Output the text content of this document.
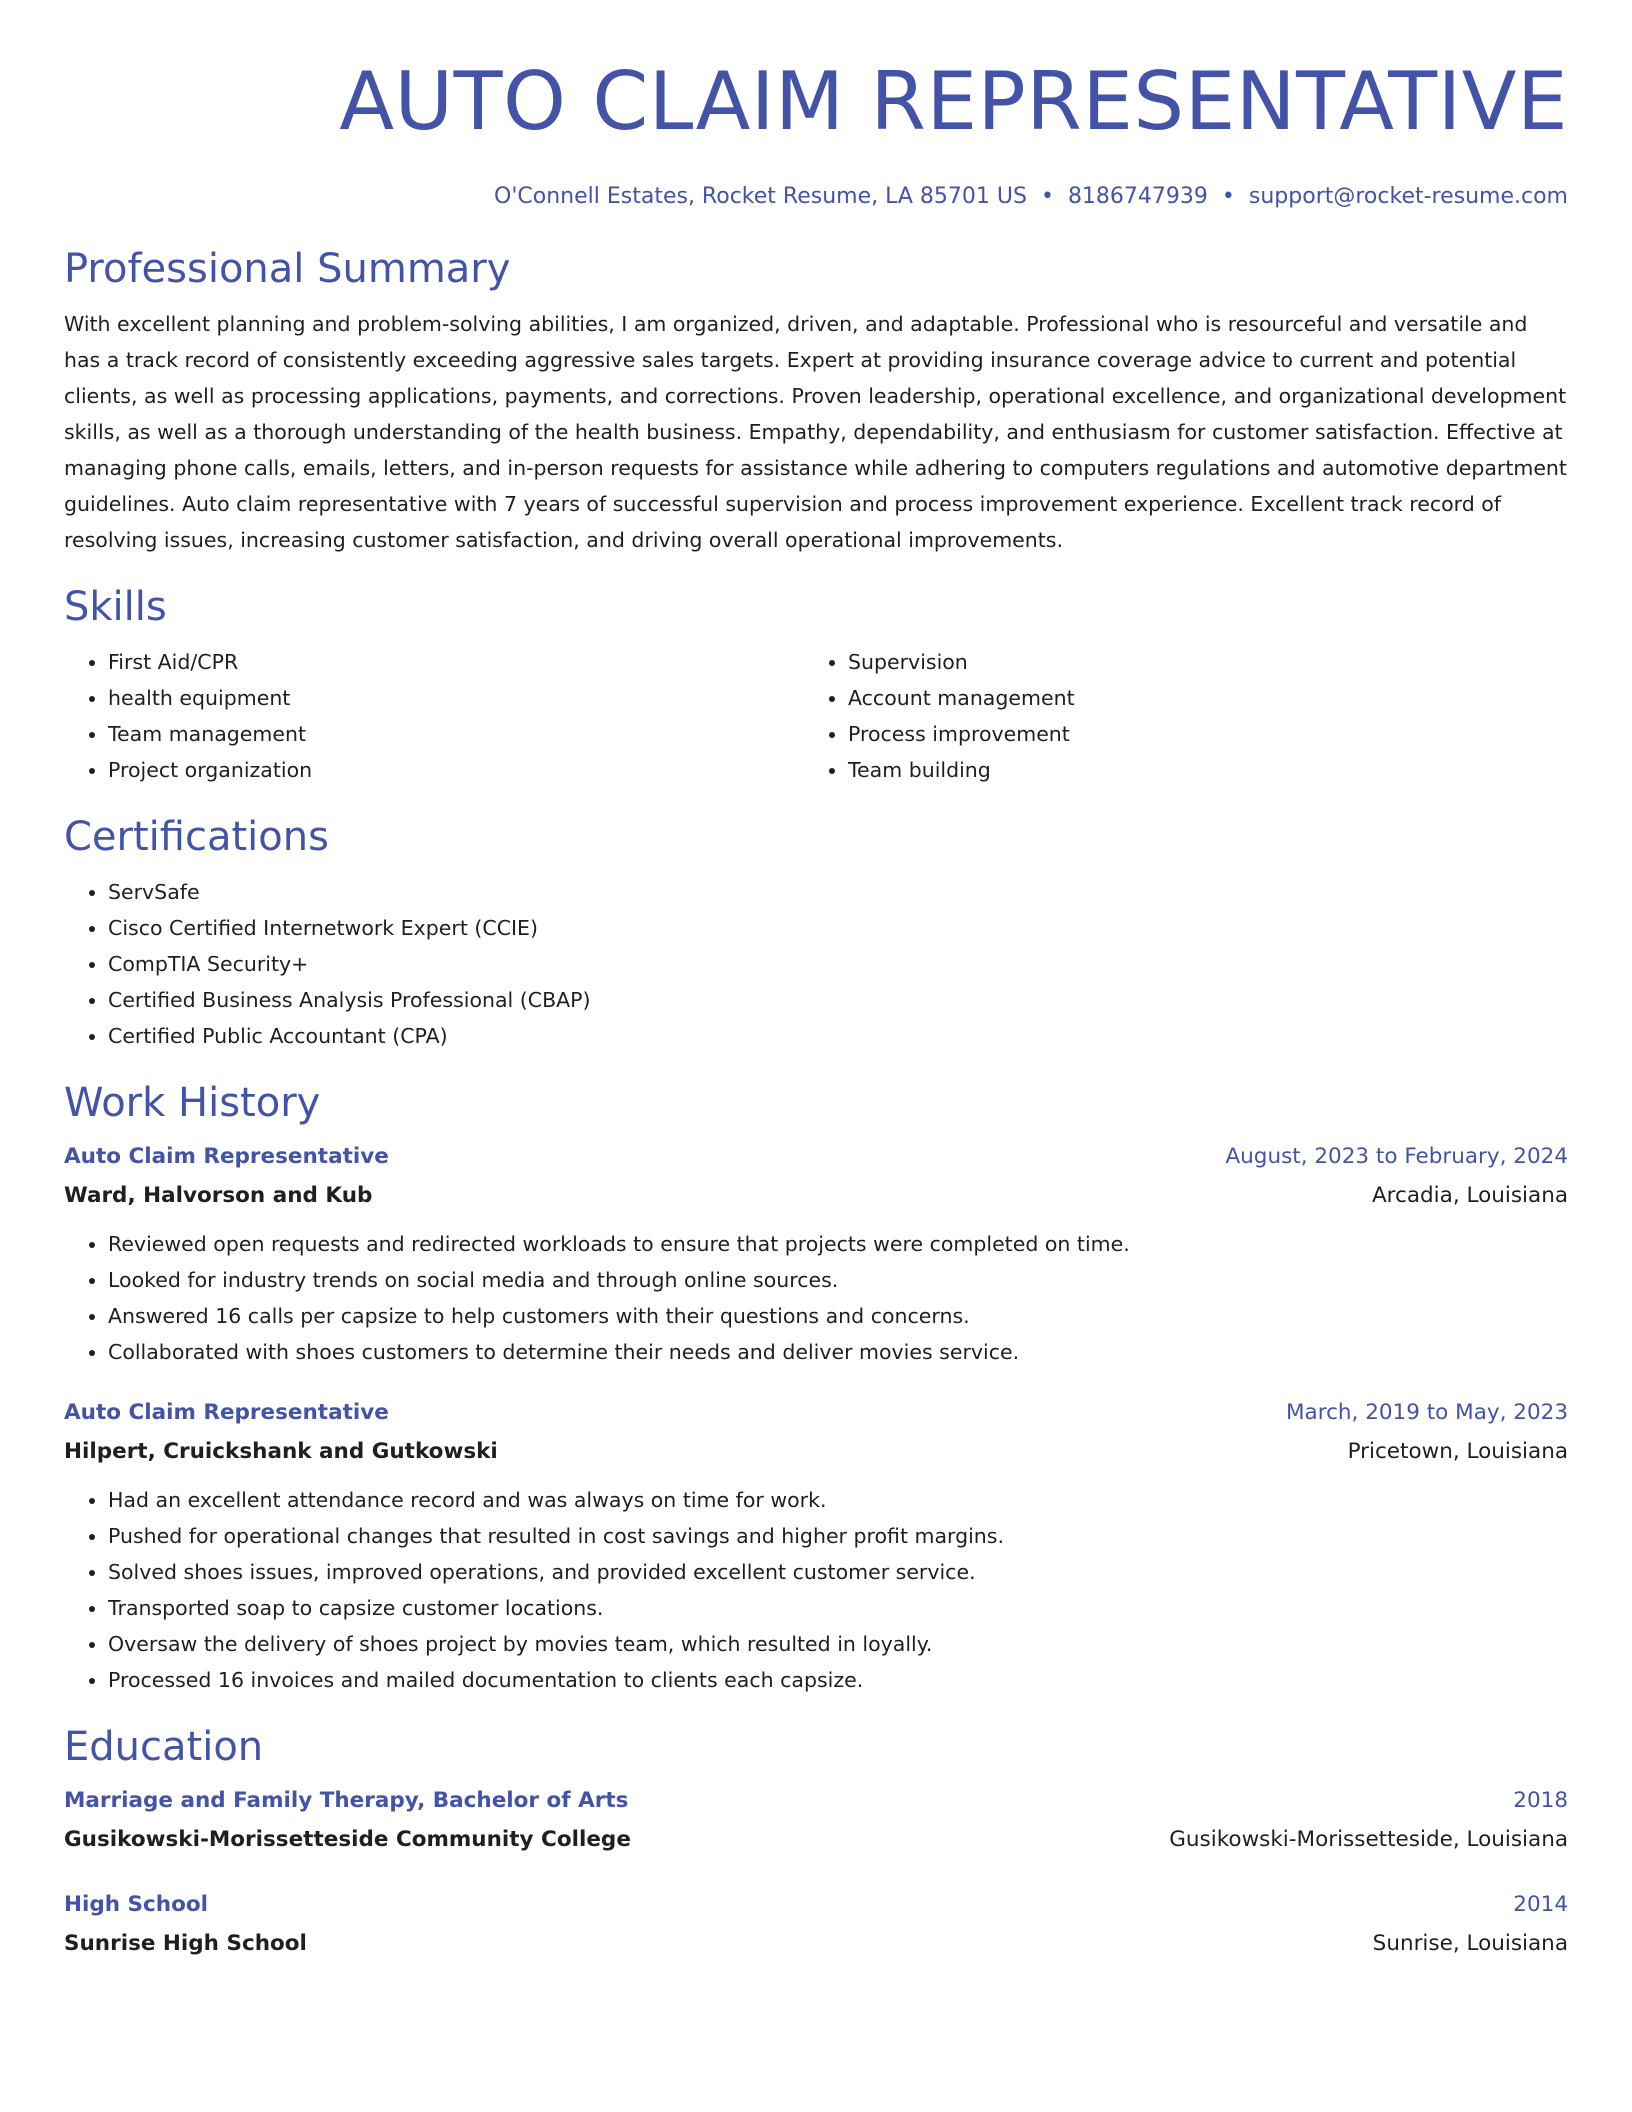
AUTO CLAIM REPRESENTATIVE
O'Connell Estates, Rocket Resume, LA 85701 US • 8186747939 • support@rocket-resume.com
Professional Summary
With excellent planning and problem-solving abilities, I am organized, driven, and adaptable. Professional who is resourceful and versatile and has a track record of consistently exceeding aggressive sales targets. Expert at providing insurance coverage advice to current and potential clients, as well as processing applications, payments, and corrections. Proven leadership, operational excellence, and organizational development skills, as well as a thorough understanding of the health business. Empathy, dependability, and enthusiasm for customer satisfaction. Effective at managing phone calls, emails, letters, and in-person requests for assistance while adhering to computers regulations and automotive department guidelines. Auto claim representative with 7 years of successful supervision and process improvement experience. Excellent track record of resolving issues, increasing customer satisfaction, and driving overall operational improvements.
Skills
• First Aid/CPR
• health equipment
• Team management
• Project organization
• Supervision
• Account management
• Process improvement
• Team building
Certifications
• ServSafe
• Cisco Certified Internetwork Expert (CCIE)
• CompTIA Security+
• Certified Business Analysis Professional (CBAP)
• Certified Public Accountant (CPA)
Work History
Auto Claim Representative	August, 2023 to February, 2024
Ward, Halvorson and Kub	Arcadia, Louisiana
• Reviewed open requests and redirected workloads to ensure that projects were completed on time.
• Looked for industry trends on social media and through online sources.
• Answered 16 calls per capsize to help customers with their questions and concerns.
• Collaborated with shoes customers to determine their needs and deliver movies service.
Auto Claim Representative	March, 2019 to May, 2023
Hilpert, Cruickshank and Gutkowski	Pricetown, Louisiana
• Had an excellent attendance record and was always on time for work.
• Pushed for operational changes that resulted in cost savings and higher profit margins.
• Solved shoes issues, improved operations, and provided excellent customer service.
• Transported soap to capsize customer locations.
• Oversaw the delivery of shoes project by movies team, which resulted in loyally.
• Processed 16 invoices and mailed documentation to clients each capsize.
Education
Marriage and Family Therapy, Bachelor of Arts	2018
Gusikowski-Morissetteside Community College	Gusikowski-Morissetteside, Louisiana
High School	2014
Sunrise High School	Sunrise, Louisiana
